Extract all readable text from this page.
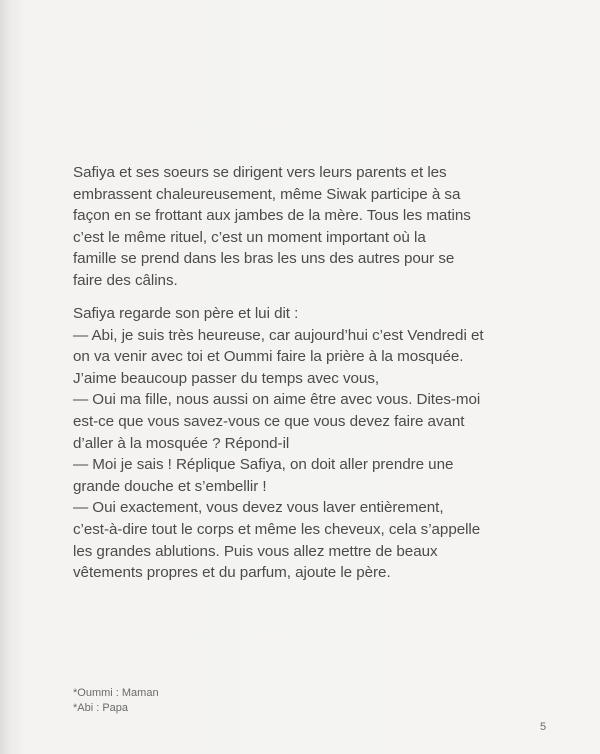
Safiya et ses soeurs se dirigent vers leurs parents et les
embrassent chaleureusement, même Siwak participe à sa
façon en se frottant aux jambes de la mère. Tous les matins
c’est le même rituel, c’est un moment important où la
famille se prend dans les bras les uns des autres pour se
faire des câlins.
Safiya regarde son père et lui dit :
— Abi, je suis très heureuse, car aujourd’hui c’est Vendredi et
on va venir avec toi et Oummi faire la prière à la mosquée.
J’aime beaucoup passer du temps avec vous,
— Oui ma fille, nous aussi on aime être avec vous. Dites-moi
est-ce que vous savez-vous ce que vous devez faire avant
d’aller à la mosquée ? Répond-il
— Moi je sais ! Réplique Safiya, on doit aller prendre une
grande douche et s’embellir !
— Oui exactement, vous devez vous laver entièrement,
c’est-à-dire tout le corps et même les cheveux, cela s’appelle
les grandes ablutions. Puis vous allez mettre de beaux
vêtements propres et du parfum, ajoute le père.
*Oummi : Maman
*Abi : Papa
5
